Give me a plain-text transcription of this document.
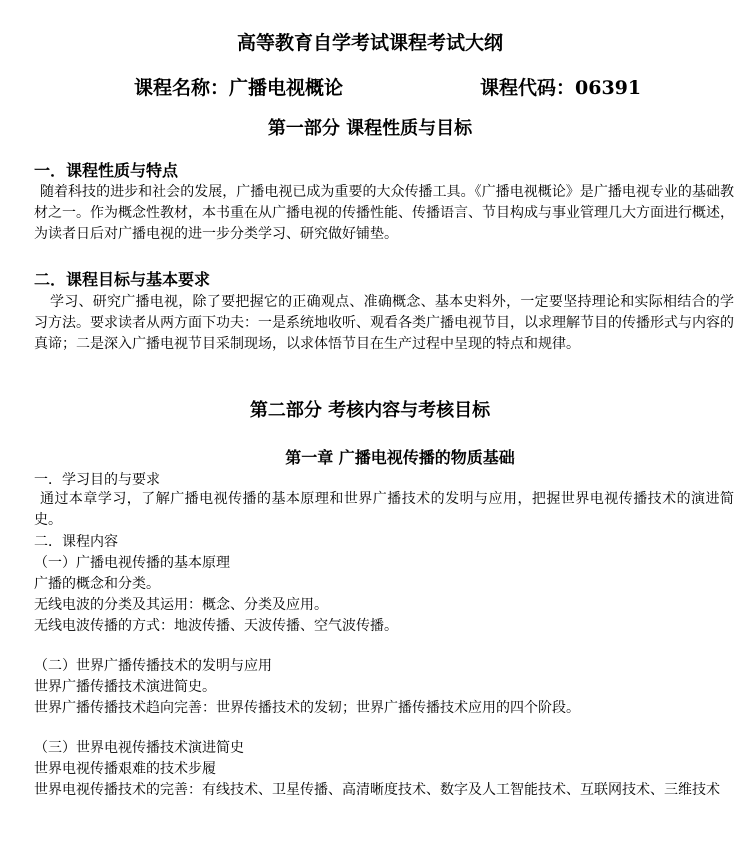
高等教育自学考试课程考试大纲
课程名称：广播电视概论	课程代码：06391
第一部分 课程性质与目标
一．课程性质与特点

随着科技的进步和社会的发展，广播电视已成为重要的大众传播工具。《广播电视概论》是广播电视专业的基础教材之一。作为概念性教材，本书重在从广播电视的传播性能、传播语言、节目构成与事业管理几大方面进行概述，为读者日后对广播电视的进一步分类学习、研究做好铺垫。

二．课程目标与基本要求

学习、研究广播电视，除了要把握它的正确观点、准确概念、基本史料外，一定要坚持理论和实际相结合的学习方法。要求读者从两方面下功夫：一是系统地收听、观看各类广播电视节目，以求理解节目的传播形式与内容的真谛；二是深入广播电视节目采制现场，以求体悟节目在生产过程中呈现的特点和规律。

第二部分 考核内容与考核目标
第一章 广播电视传播的物质基础

一．学习目的与要求

通过本章学习，了解广播电视传播的基本原理和世界广播技术的发明与应用，把握世界电视传播技术的演进简史。

二．课程内容

（一）广播电视传播的基本原理

广播的概念和分类。

无线电波的分类及其运用：概念、分类及应用。

无线电波传播的方式：地波传播、天波传播、空气波传播。

（二）世界广播传播技术的发明与应用

世界广播传播技术演进简史。

世界广播传播技术趋向完善：世界传播技术的发轫；世界广播传播技术应用的四个阶段。

（三）世界电视传播技术演进简史

世界电视传播艰难的技术步履

世界电视传播技术的完善：有线技术、卫星传播、高清晰度技术、数字及人工智能技术、互联网技术、三维技术
